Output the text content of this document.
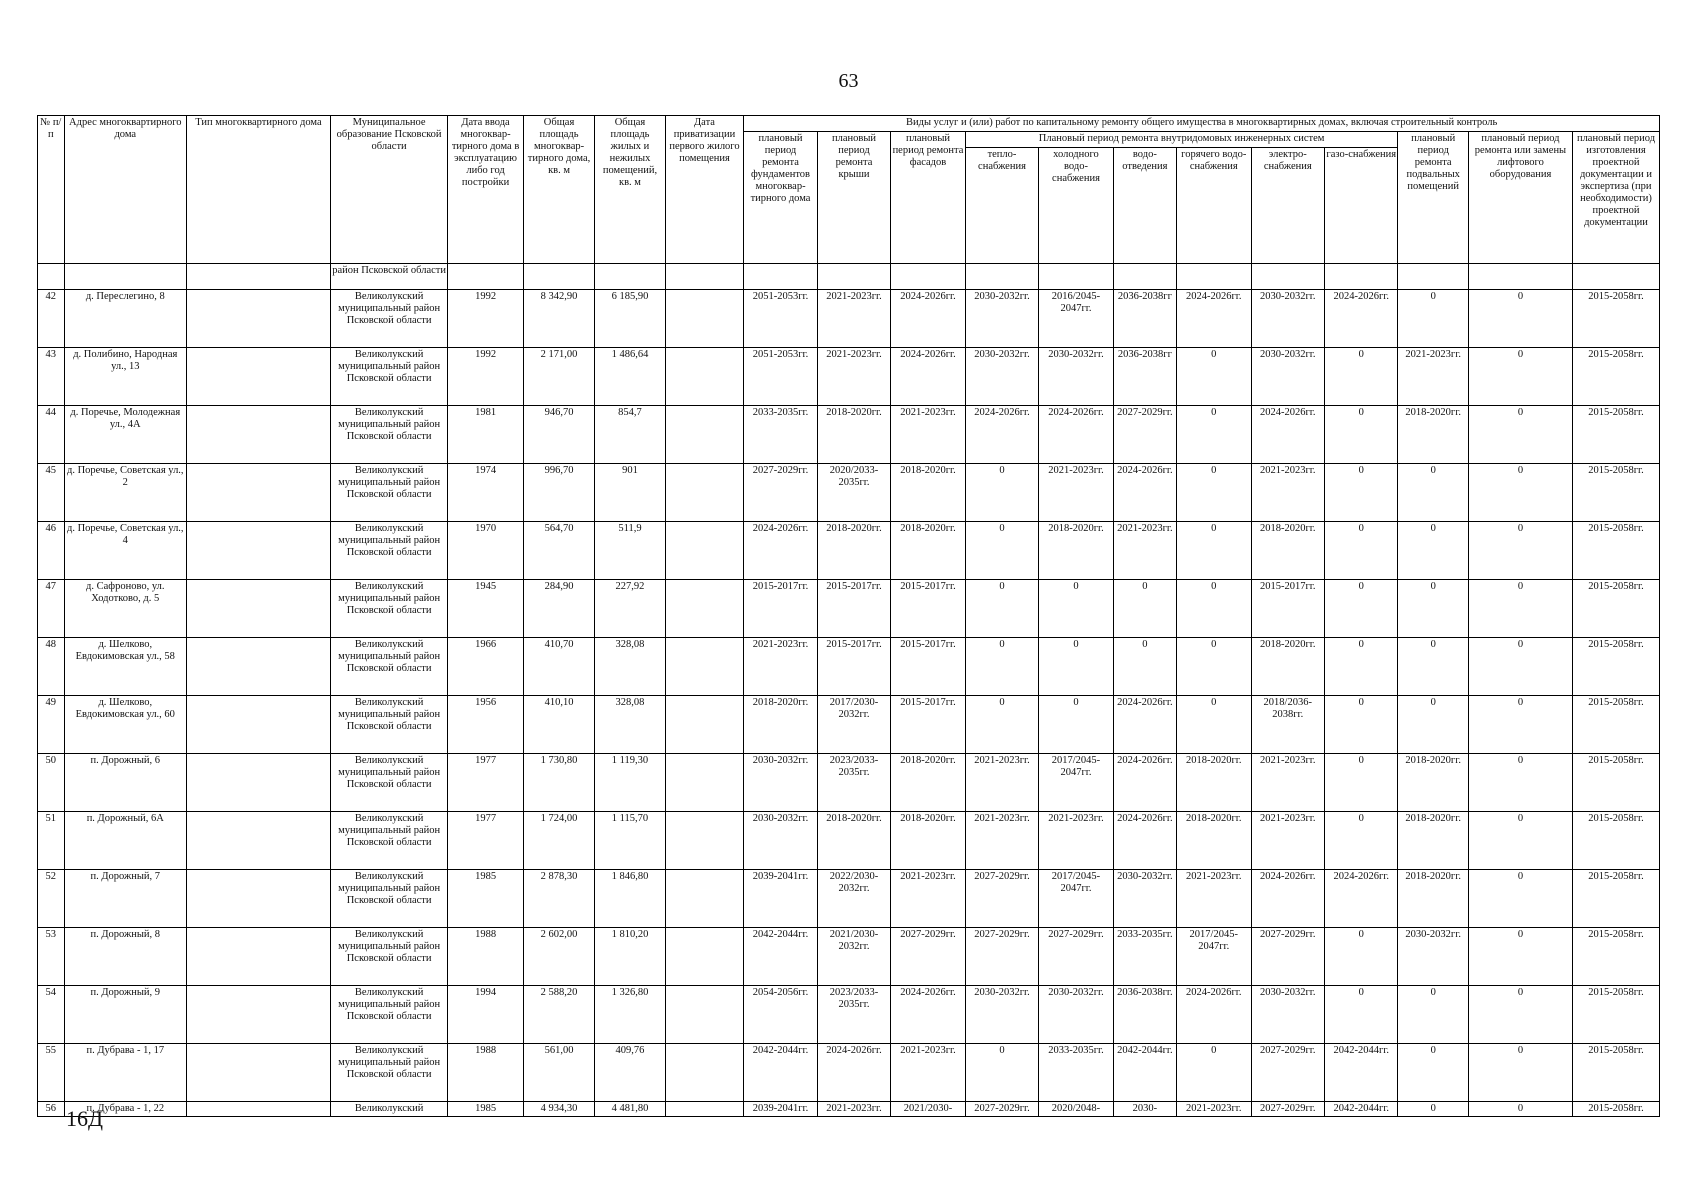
63
№ п/п	Адрес многоквартирного дома	Тип многоквартирного дома	Муниципальное образование Псковской области	Дата ввода многоквар-тирного дома в эксплуатацию либо год постройки	Общая площадь многоквар-тирного дома, кв. м	Общая площадь жилых и нежилых помещений, кв. м	Дата приватизации первого жилого помещения	Виды услуг и (или) работ по капитальному ремонту общего имущества в многоквартирных домах, включая строительный контроль											
								плановый период ремонта фундаментов многоквар-тирного дома	плановый период ремонта крыши	плановый период ремонта фасадов	Плановый период ремонта внутридомовых инженерных систем						плановый период ремонта подвальных помещений	плановый период ремонта или замены лифтового оборудования	плановый период изготовления проектной документации и экспертиза (при необходимости) проектной документации
											тепло-снабжения	холодного водо-снабжения	водо-отведения	горячего водо-снабжения	электро-снабжения	газо-снабжения			
			район Псковской области																
42	д. Переслегино, 8		Великолукский муниципальный район Псковской области	1992	8 342,90	6 185,90		2051-2053гг.	2021-2023гг.	2024-2026гг.	2030-2032гг.	2016/2045-2047гг.	2036-2038гг	2024-2026гг.	2030-2032гг.	2024-2026гг.	0	0	2015-2058гг.
43	д. Полибино, Народная ул., 13		Великолукский муниципальный район Псковской области	1992	2 171,00	1 486,64		2051-2053гг.	2021-2023гг.	2024-2026гг.	2030-2032гг.	2030-2032гг.	2036-2038гг	0	2030-2032гг.	0	2021-2023гг.	0	2015-2058гг.
44	д. Поречье, Молодежная ул., 4А		Великолукский муниципальный район Псковской области	1981	946,70	854,7		2033-2035гг.	2018-2020гг.	2021-2023гг.	2024-2026гг.	2024-2026гг.	2027-2029гг.	0	2024-2026гг.	0	2018-2020гг.	0	2015-2058гг.
45	д. Поречье, Советская ул., 2		Великолукский муниципальный район Псковской области	1974	996,70	901		2027-2029гг.	2020/2033-2035гг.	2018-2020гг.	0	2021-2023гг.	2024-2026гг.	0	2021-2023гг.	0	0	0	2015-2058гг.
46	д. Поречье, Советская ул., 4		Великолукский муниципальный район Псковской области	1970	564,70	511,9		2024-2026гг.	2018-2020гг.	2018-2020гг.	0	2018-2020гг.	2021-2023гг.	0	2018-2020гг.	0	0	0	2015-2058гг.
47	д. Сафроново, ул. Ходотково, д. 5		Великолукский муниципальный район Псковской области	1945	284,90	227,92		2015-2017гг.	2015-2017гг.	2015-2017гг.	0	0	0	0	2015-2017гг.	0	0	0	2015-2058гг.
48	д. Шелково, Евдокимовская ул., 58		Великолукский муниципальный район Псковской области	1966	410,70	328,08		2021-2023гг.	2015-2017гг.	2015-2017гг.	0	0	0	0	2018-2020гг.	0	0	0	2015-2058гг.
49	д. Шелково, Евдокимовская ул., 60		Великолукский муниципальный район Псковской области	1956	410,10	328,08		2018-2020гг.	2017/2030-2032гг.	2015-2017гг.	0	0	2024-2026гг.	0	2018/2036-2038гг.	0	0	0	2015-2058гг.
50	п. Дорожный, 6		Великолукский муниципальный район Псковской области	1977	1 730,80	1 119,30		2030-2032гг.	2023/2033-2035гг.	2018-2020гг.	2021-2023гг.	2017/2045-2047гг.	2024-2026гг.	2018-2020гг.	2021-2023гг.	0	2018-2020гг.	0	2015-2058гг.
51	п. Дорожный, 6А		Великолукский муниципальный район Псковской области	1977	1 724,00	1 115,70		2030-2032гг.	2018-2020гг.	2018-2020гг.	2021-2023гг.	2021-2023гг.	2024-2026гг.	2018-2020гг.	2021-2023гг.	0	2018-2020гг.	0	2015-2058гг.
52	п. Дорожный, 7		Великолукский муниципальный район Псковской области	1985	2 878,30	1 846,80		2039-2041гг.	2022/2030-2032гг.	2021-2023гг.	2027-2029гг.	2017/2045-2047гг.	2030-2032гг.	2021-2023гг.	2024-2026гг.	2024-2026гг.	2018-2020гг.	0	2015-2058гг.
53	п. Дорожный, 8		Великолукский муниципальный район Псковской области	1988	2 602,00	1 810,20		2042-2044гг.	2021/2030-2032гг.	2027-2029гг.	2027-2029гг.	2027-2029гг.	2033-2035гг.	2017/2045-2047гг.	2027-2029гг.	0	2030-2032гг.	0	2015-2058гг.
54	п. Дорожный, 9		Великолукский муниципальный район Псковской области	1994	2 588,20	1 326,80		2054-2056гг.	2023/2033-2035гг.	2024-2026гг.	2030-2032гг.	2030-2032гг.	2036-2038гг.	2024-2026гг.	2030-2032гг.	0	0	0	2015-2058гг.
55	п. Дубрава - 1, 17		Великолукский муниципальный район Псковской области	1988	561,00	409,76		2042-2044гг.	2024-2026гг.	2021-2023гг.	0	2033-2035гг.	2042-2044гг.	0	2027-2029гг.	2042-2044гг.	0	0	2015-2058гг.
56	п. Дубрава - 1, 22		Великолукский	1985	4 934,30	4 481,80		2039-2041гг.	2021-2023гг.	2021/2030-	2027-2029гг.	2020/2048-	2030-	2021-2023гг.	2027-2029гг.	2042-2044гг.	0	0	2015-2058гг.
16Д
